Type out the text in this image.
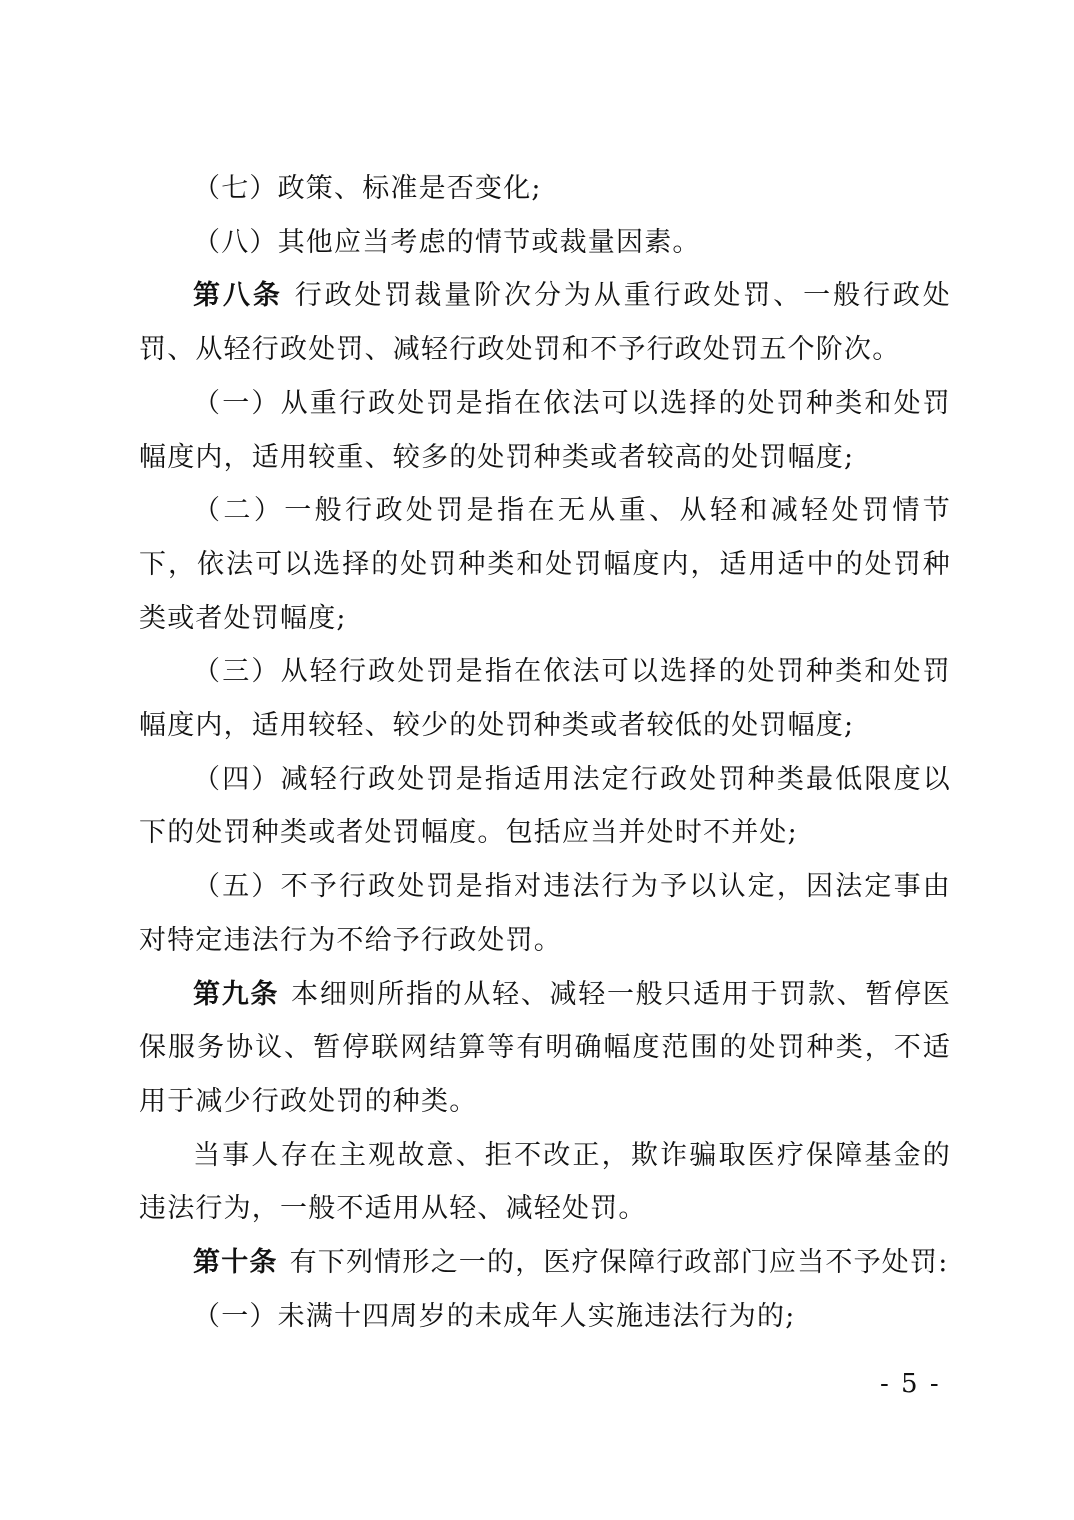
（七）政策、标准是否变化;

（八）其他应当考虑的情节或裁量因素。

第八条 行政处罚裁量阶次分为从重行政处罚、一般行政处罚、从轻行政处罚、减轻行政处罚和不予行政处罚五个阶次。

（一）从重行政处罚是指在依法可以选择的处罚种类和处罚幅度内，适用较重、较多的处罚种类或者较高的处罚幅度;

（二）一般行政处罚是指在无从重、从轻和减轻处罚情节下，依法可以选择的处罚种类和处罚幅度内，适用适中的处罚种类或者处罚幅度;

（三）从轻行政处罚是指在依法可以选择的处罚种类和处罚幅度内，适用较轻、较少的处罚种类或者较低的处罚幅度;

（四）减轻行政处罚是指适用法定行政处罚种类最低限度以下的处罚种类或者处罚幅度。包括应当并处时不并处;

（五）不予行政处罚是指对违法行为予以认定，因法定事由对特定违法行为不给予行政处罚。

第九条 本细则所指的从轻、减轻一般只适用于罚款、暂停医保服务协议、暂停联网结算等有明确幅度范围的处罚种类，不适用于减少行政处罚的种类。

当事人存在主观故意、拒不改正，欺诈骗取医疗保障基金的违法行为，一般不适用从轻、减轻处罚。

第十条 有下列情形之一的，医疗保障行政部门应当不予处罚:

（一）未满十四周岁的未成年人实施违法行为的;

- 5 -
